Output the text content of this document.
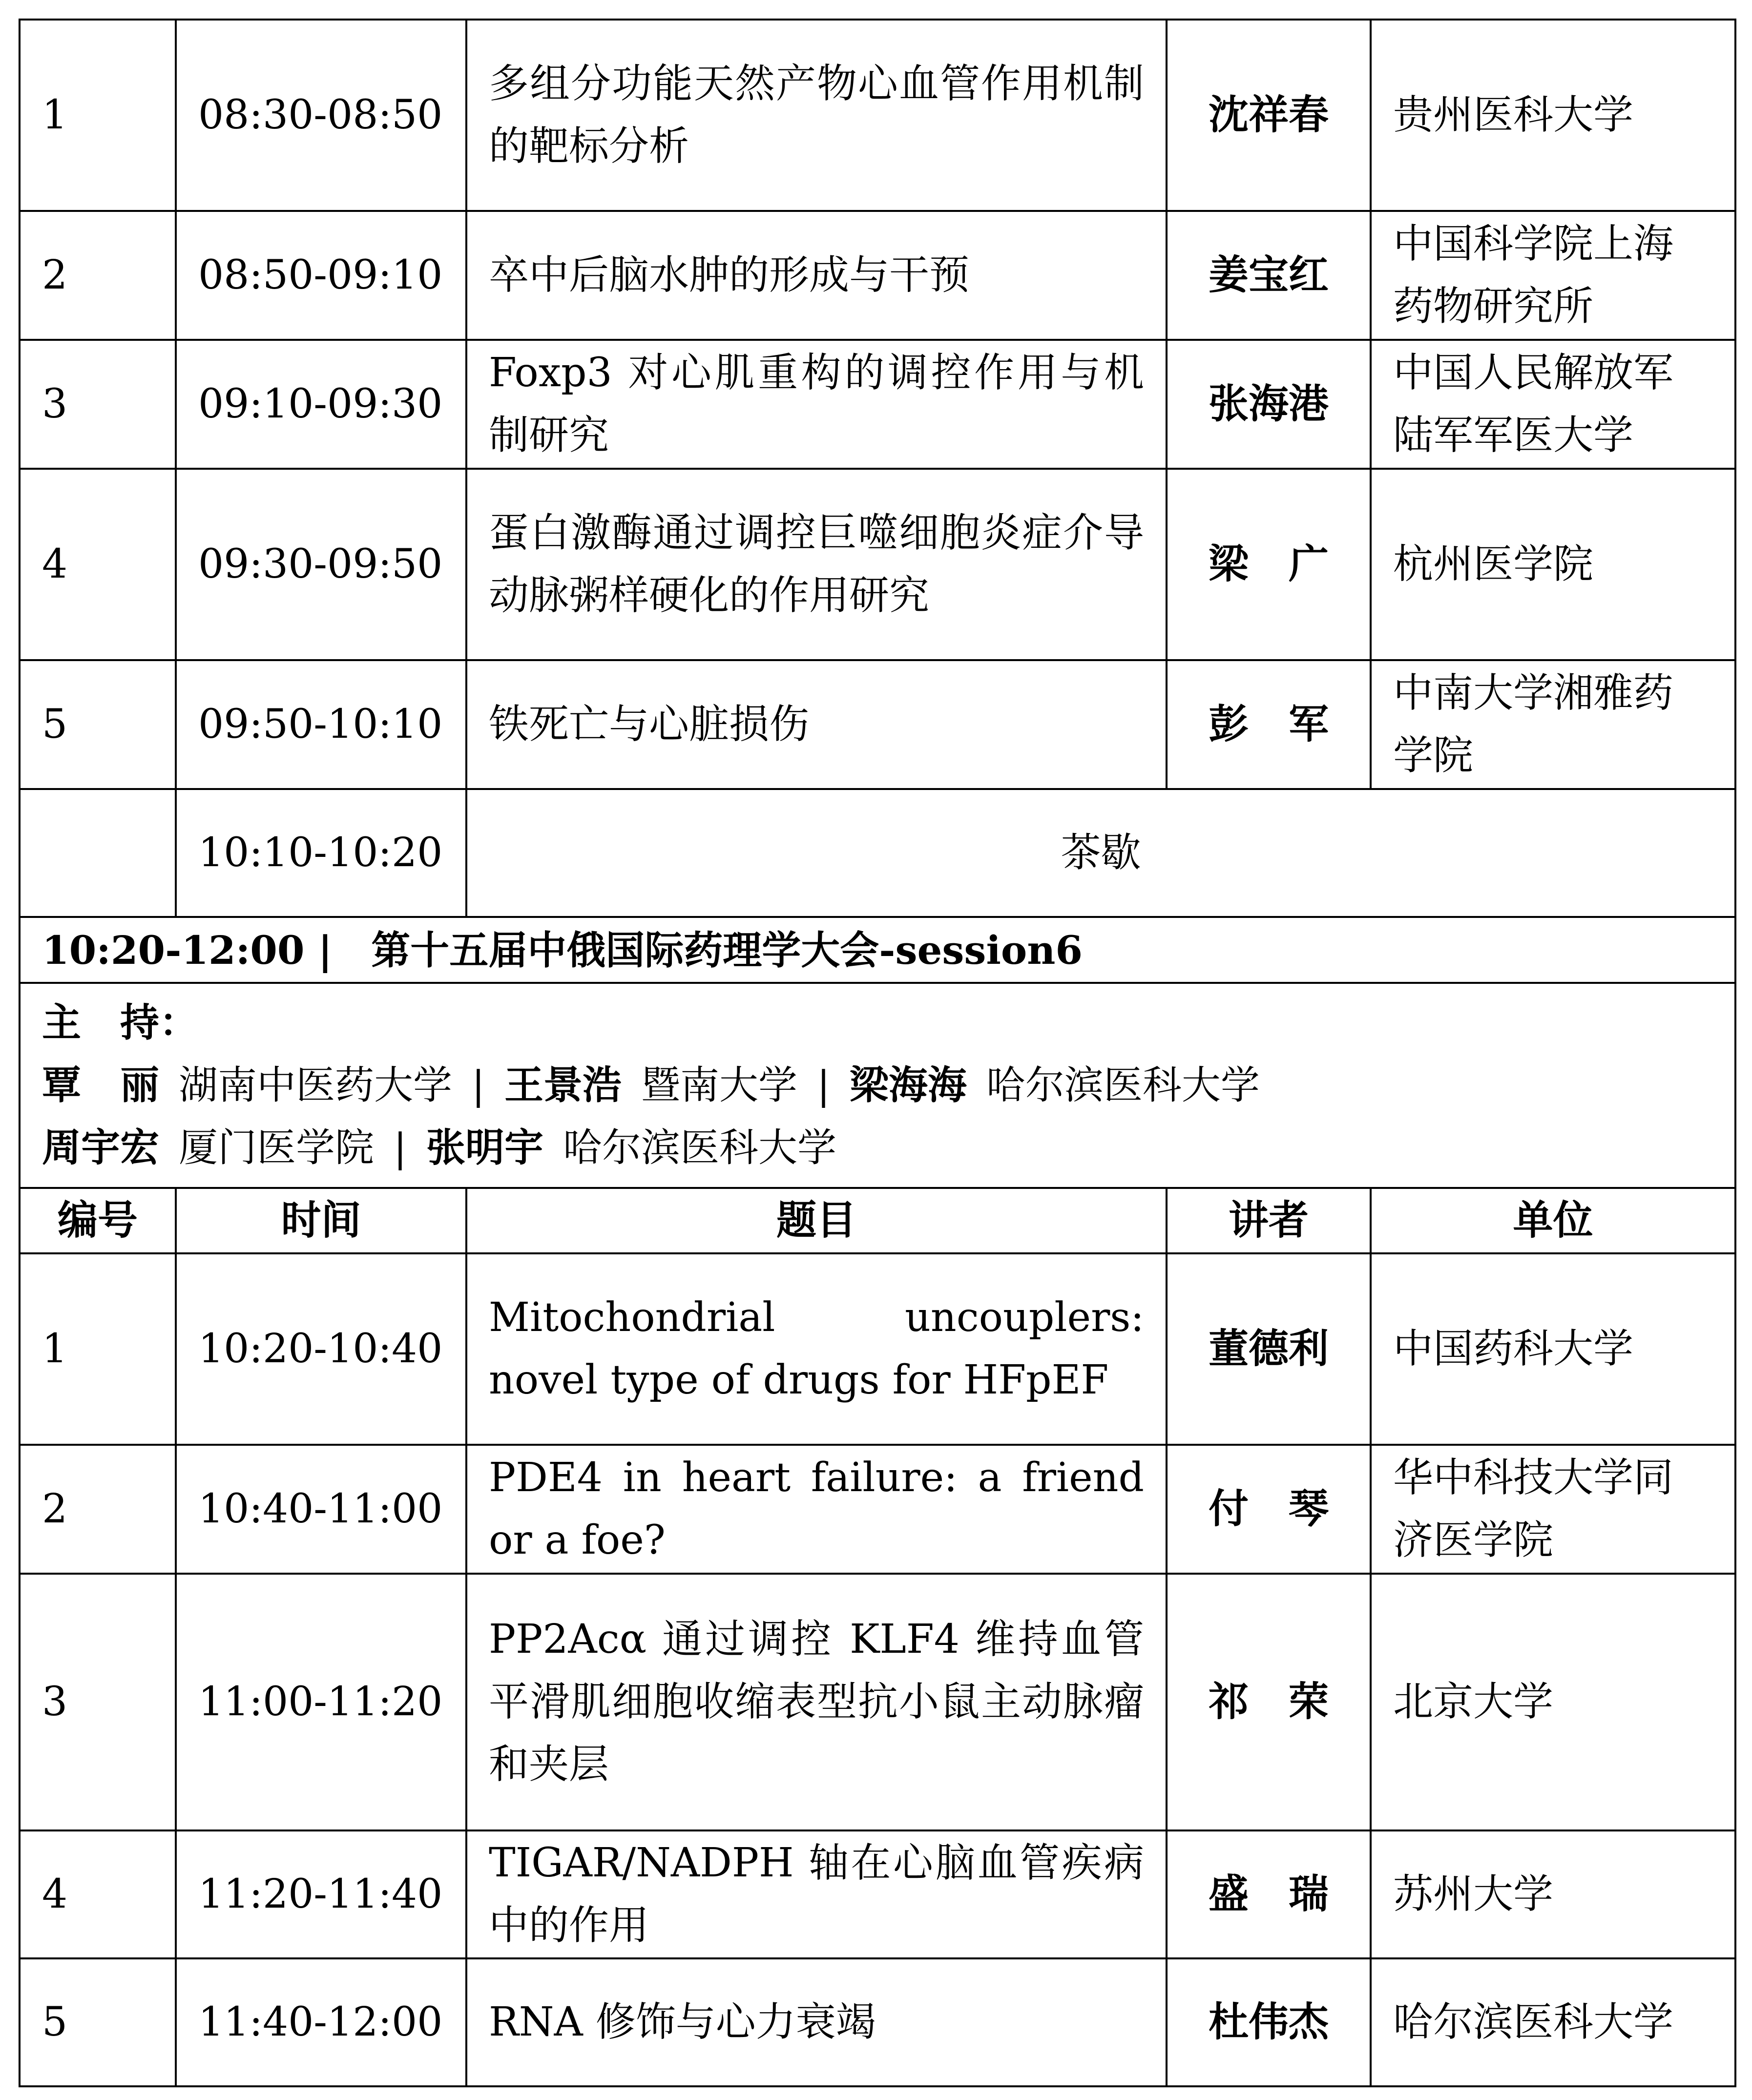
1	08:30-08:50	多组分功能天然产物心血管作用机制的靶标分析	沈祥春	贵州医科大学
2	08:50-09:10	卒中后脑水肿的形成与干预	姜宝红	中国科学院上海药物研究所
3	09:10-09:30	Foxp3 对心肌重构的调控作用与机制研究	张海港	中国人民解放军陆军军医大学
4	09:30-09:50	蛋白激酶通过调控巨噬细胞炎症介导动脉粥样硬化的作用研究	梁　广	杭州医学院
5	09:50-10:10	铁死亡与心脏损伤	彭　军	中南大学湘雅药学院
	10:10-10:20	茶歇		
10:20-12:00 | 第十五届中俄国际药理学大会-session6				

主　持：
覃　丽 湖南中医药大学 | 王景浩 暨南大学 | 梁海海 哈尔滨医科大学
周宇宏 厦门医学院 | 张明宇 哈尔滨医科大学				

编号	时间	题目	讲者	单位
1	10:20-10:40	Mitochondrial uncouplers: novel type of drugs for HFpEF	董德利	中国药科大学
2	10:40-11:00	PDE4 in heart failure: a friend or a foe?	付　琴	华中科技大学同济医学院
3	11:00-11:20	PP2Acα 通过调控 KLF4 维持血管平滑肌细胞收缩表型抗小鼠主动脉瘤和夹层	祁　荣	北京大学
4	11:20-11:40	TIGAR/NADPH 轴在心脑血管疾病中的作用	盛　瑞	苏州大学
5	11:40-12:00	RNA 修饰与心力衰竭	杜伟杰	哈尔滨医科大学
